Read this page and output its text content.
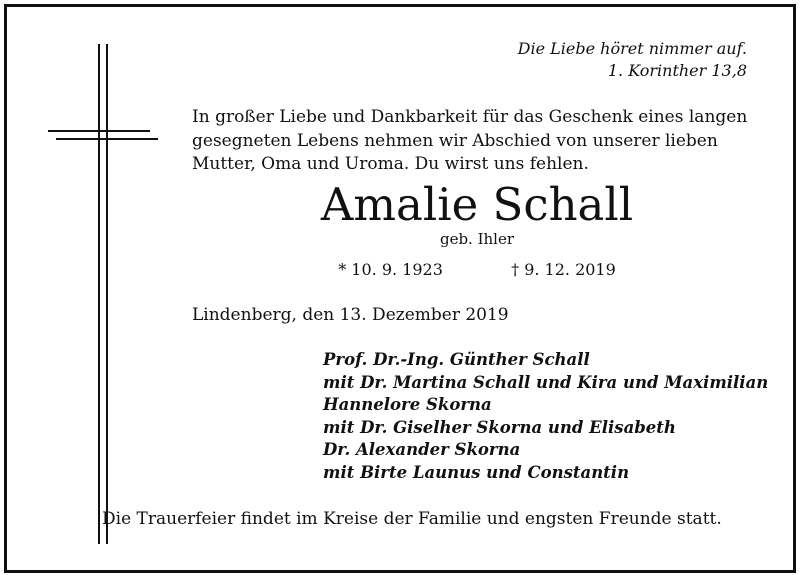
Die Liebe höret nimmer auf.
1. Korinther 13,8
In großer Liebe und Dankbarkeit für das Geschenk eines langen gesegneten Lebens nehmen wir Abschied von unserer lieben Mutter, Oma und Uroma. Du wirst uns fehlen.
Amalie Schall
geb. Ihler
* 10. 9. 1923	† 9. 12. 2019
Lindenberg, den 13. Dezember 2019
Prof. Dr.-Ing. Günther Schall
mit Dr. Martina Schall und Kira und Maximilian
Hannelore Skorna
mit Dr. Giselher Skorna und Elisabeth
Dr. Alexander Skorna
mit Birte Launus und Constantin
Die Trauerfeier findet im Kreise der Familie und engsten Freunde statt.
